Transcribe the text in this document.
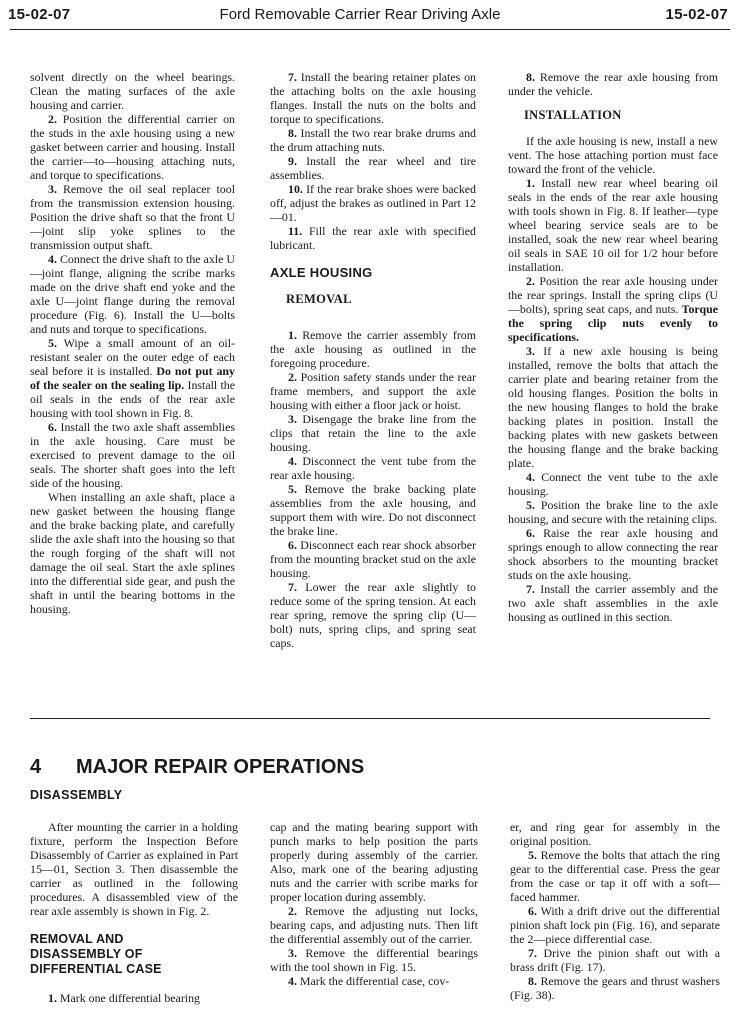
15-02-07	Ford Removable Carrier Rear Driving Axle	15-02-07

solvent directly on the wheel bearings. Clean the mating surfaces of the axle housing and carrier.

2. Position the differential carrier on the studs in the axle housing using a new gasket between carrier and housing. Install the carrier—to—housing attaching nuts, and torque to specifications.

3. Remove the oil seal replacer tool from the transmission extension housing. Position the drive shaft so that the front U—joint slip yoke splines to the transmission output shaft.

4. Connect the drive shaft to the axle U—joint flange, aligning the scribe marks made on the drive shaft end yoke and the axle U—joint flange during the removal procedure (Fig. 6). Install the U—bolts and nuts and torque to specifications.

5. Wipe a small amount of an oil-resistant sealer on the outer edge of each seal before it is installed. Do not put any of the sealer on the sealing lip. Install the oil seals in the ends of the rear axle housing with tool shown in Fig. 8.

6. Install the two axle shaft assemblies in the axle housing. Care must be exercised to prevent damage to the oil seals. The shorter shaft goes into the left side of the housing.

When installing an axle shaft, place a new gasket between the housing flange and the brake backing plate, and carefully slide the axle shaft into the housing so that the rough forging of the shaft will not damage the oil seal. Start the axle splines into the differential side gear, and push the shaft in until the bearing bottoms in the housing.

7. Install the bearing retainer plates on the attaching bolts on the axle housing flanges. Install the nuts on the bolts and torque to specifications.

8. Install the two rear brake drums and the drum attaching nuts.

9. Install the rear wheel and tire assemblies.

10. If the rear brake shoes were backed off, adjust the brakes as outlined in Part 12—01.

11. Fill the rear axle with specified lubricant.

AXLE HOUSING
REMOVAL

1. Remove the carrier assembly from the axle housing as outlined in the foregoing procedure.

2. Position safety stands under the rear frame members, and support the axle housing with either a floor jack or hoist.

3. Disengage the brake line from the clips that retain the line to the axle housing.

4. Disconnect the vent tube from the rear axle housing.

5. Remove the brake backing plate assemblies from the axle housing, and support them with wire. Do not disconnect the brake line.

6. Disconnect each rear shock absorber from the mounting bracket stud on the axle housing.

7. Lower the rear axle slightly to reduce some of the spring tension. At each rear spring, remove the spring clip (U—bolt) nuts, spring clips, and spring seat caps.

8. Remove the rear axle housing from under the vehicle.

INSTALLATION

If the axle housing is new, install a new vent. The hose attaching portion must face toward the front of the vehicle.

1. Install new rear wheel bearing oil seals in the ends of the rear axle housing with tools shown in Fig. 8. If leather—type wheel bearing service seals are to be installed, soak the new rear wheel bearing oil seals in SAE 10 oil for 1/2 hour before installation.

2. Position the rear axle housing under the rear springs. Install the spring clips (U—bolts), spring seat caps, and nuts. Torque the spring clip nuts evenly to specifications.

3. If a new axle housing is being installed, remove the bolts that attach the carrier plate and bearing retainer from the old housing flanges. Position the bolts in the new housing flanges to hold the brake backing plates in position. Install the backing plates with new gaskets between the housing flange and the brake backing plate.

4. Connect the vent tube to the axle housing.

5. Position the brake line to the axle housing, and secure with the retaining clips.

6. Raise the rear axle housing and springs enough to allow connecting the rear shock absorbers to the mounting bracket studs on the axle housing.

7. Install the carrier assembly and the two axle shaft assemblies in the axle housing as outlined in this section.

4 MAJOR REPAIR OPERATIONS
DISASSEMBLY

After mounting the carrier in a holding fixture, perform the Inspection Before Disassembly of Carrier as explained in Part 15—01, Section 3. Then disassemble the carrier as outlined in the following procedures. A disassembled view of the rear axle assembly is shown in Fig. 2.

REMOVAL AND
DISASSEMBLY OF
DIFFERENTIAL CASE

1. Mark one differential bearing

cap and the mating bearing support with punch marks to help position the parts properly during assembly of the carrier. Also, mark one of the bearing adjusting nuts and the carrier with scribe marks for proper location during assembly.

2. Remove the adjusting nut locks, bearing caps, and adjusting nuts. Then lift the differential assembly out of the carrier.

3. Remove the differential bearings with the tool shown in Fig. 15.

4. Mark the differential case, cov-

er, and ring gear for assembly in the original position.

5. Remove the bolts that attach the ring gear to the differential case. Press the gear from the case or tap it off with a soft—faced hammer.

6. With a drift drive out the differential pinion shaft lock pin (Fig. 16), and separate the 2—piece differential case.

7. Drive the pinion shaft out with a brass drift (Fig. 17).

8. Remove the gears and thrust washers (Fig. 38).
